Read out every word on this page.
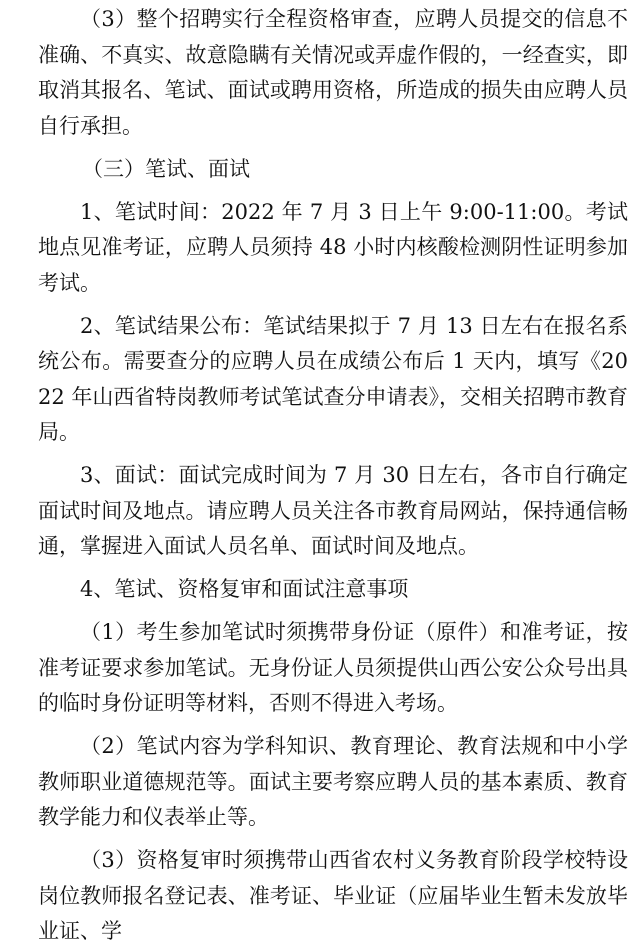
（3）整个招聘实行全程资格审查，应聘人员提交的信息不准确、不真实、故意隐瞒有关情况或弄虚作假的，一经查实，即取消其报名、笔试、面试或聘用资格，所造成的损失由应聘人员自行承担。

（三）笔试、面试

1、笔试时间：2022 年 7 月 3 日上午 9:00-11:00。考试地点见准考证，应聘人员须持 48 小时内核酸检测阴性证明参加考试。

2、笔试结果公布：笔试结果拟于 7 月 13 日左右在报名系统公布。需要查分的应聘人员在成绩公布后 1 天内，填写《2022 年山西省特岗教师考试笔试查分申请表》，交相关招聘市教育局。

3、面试：面试完成时间为 7 月 30 日左右，各市自行确定面试时间及地点。请应聘人员关注各市教育局网站，保持通信畅通，掌握进入面试人员名单、面试时间及地点。

4、笔试、资格复审和面试注意事项

（1）考生参加笔试时须携带身份证（原件）和准考证，按准考证要求参加笔试。无身份证人员须提供山西公安公众号出具的临时身份证明等材料，否则不得进入考场。

（2）笔试内容为学科知识、教育理论、教育法规和中小学教师职业道德规范等。面试主要考察应聘人员的基本素质、教育教学能力和仪表举止等。

（3）资格复审时须携带山西省农村义务教育阶段学校特设岗位教师报名登记表、准考证、毕业证（应届毕业生暂未发放毕业证、学
